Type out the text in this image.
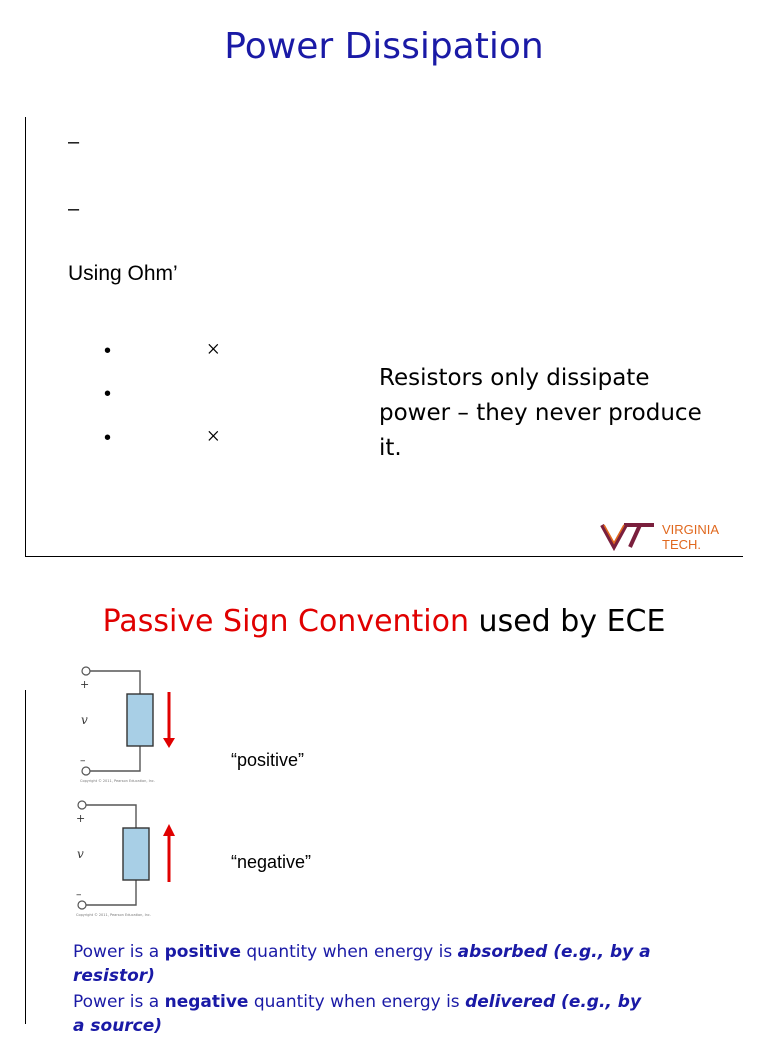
Power Dissipation
–
–
Using Ohm’
•
•
•
×
×
Resistors only dissipate power – they never produce it.
VIRGINIA
TECH.
Passive Sign Convention used by ECE
+
v
–
Copyright © 2011, Pearson Education, Inc.
+
v
–
Copyright © 2011, Pearson Education, Inc.
“positive”
“negative”
Power is a positive quantity when energy is absorbed (e.g., by a resistor)
Power is a negative quantity when energy is delivered (e.g., by a source)
